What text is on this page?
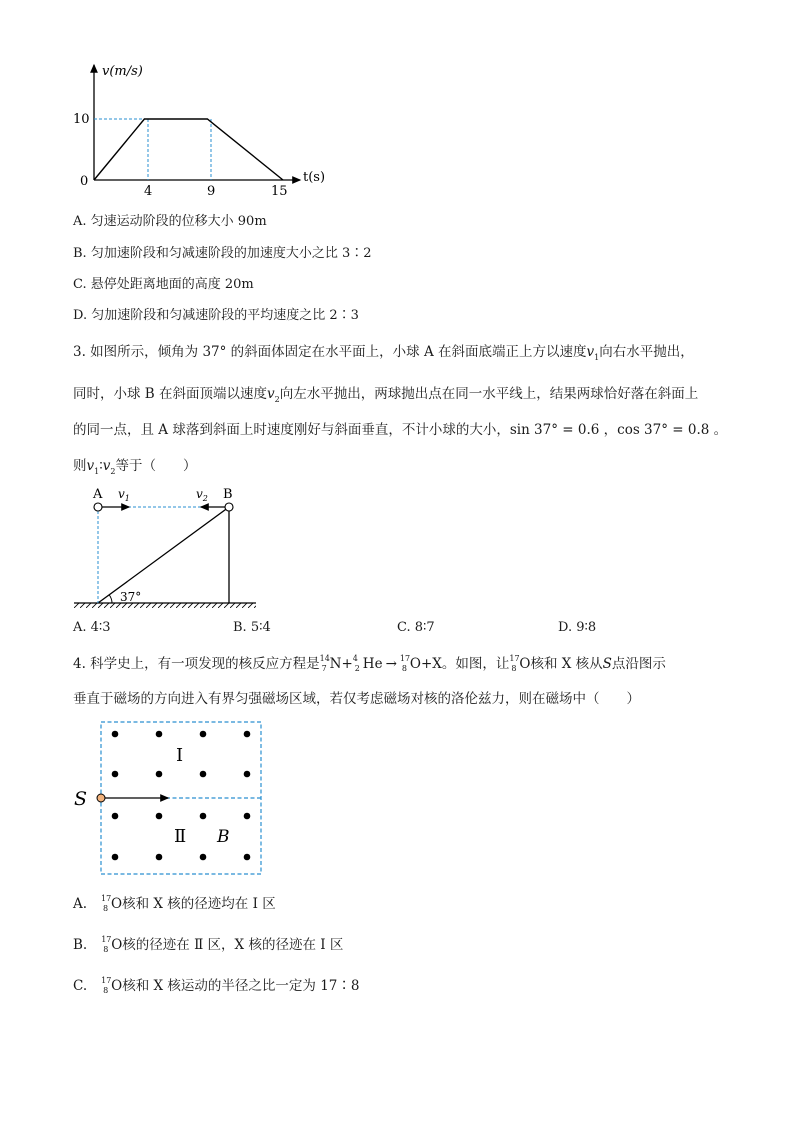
v(m/s)
t(s)
0
10
4	9	15
A. 匀速运动阶段的位移大小 90m
B. 匀加速阶段和匀减速阶段的加速度大小之比 3∶2
C. 悬停处距离地面的高度 20m
D. 匀加速阶段和匀减速阶段的平均速度之比 2∶3
3. 如图所示，倾角为 37° 的斜面体固定在水平面上，小球 A 在斜面底端正上方以速度$v_1$向右水平抛出，
同时，小球 B 在斜面顶端以速度$v_2$向左水平抛出，两球抛出点在同一水平线上，结果两球恰好落在斜面上
的同一点，且 A 球落到斜面上时速度刚好与斜面垂直，不计小球的大小，sin 37° = 0.6 ，cos 37° = 0.8 。
则$v_1∶v_2$等于（　　）
A	B
$v_1$	$v_2$
37°
A. 4∶3	B. 5∶4	C. 8∶7	D. 9∶8
4. 科学史上，有一项发现的核反应方程是 14
7 N+ 4
2 He → 17
8 O+X。如图，让 17
8 O核和 X 核从S点沿图示
垂直于磁场的方向进入有界匀强磁场区域，若仅考虑磁场对核的洛伦兹力，则在磁场中（　　）
S
Ⅰ
Ⅱ B
A. 17
8 O核和 X 核的径迹均在 Ⅰ 区
B. 17
8 O核的径迹在 Ⅱ 区，X 核的径迹在 Ⅰ 区
C. 17
8 O核和 X 核运动的半径之比一定为 17∶8
